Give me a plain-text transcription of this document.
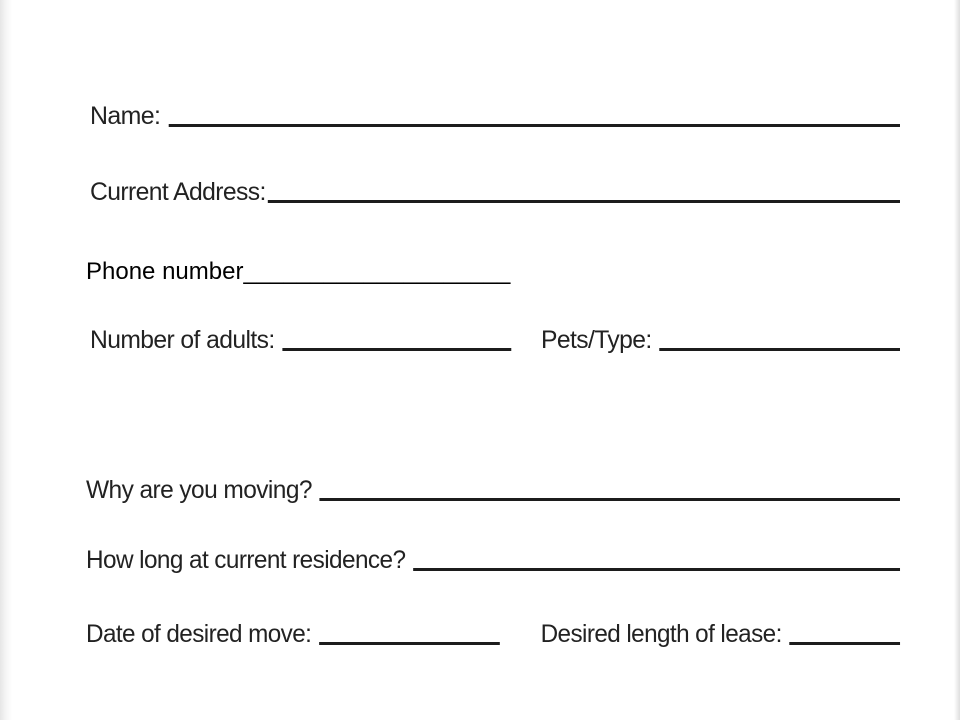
Name:
Current Address:
Phone number____________________
Number of adults:	Pets/Type:
Why are you moving?
How long at current residence?
Date of desired move:	Desired length of lease:
